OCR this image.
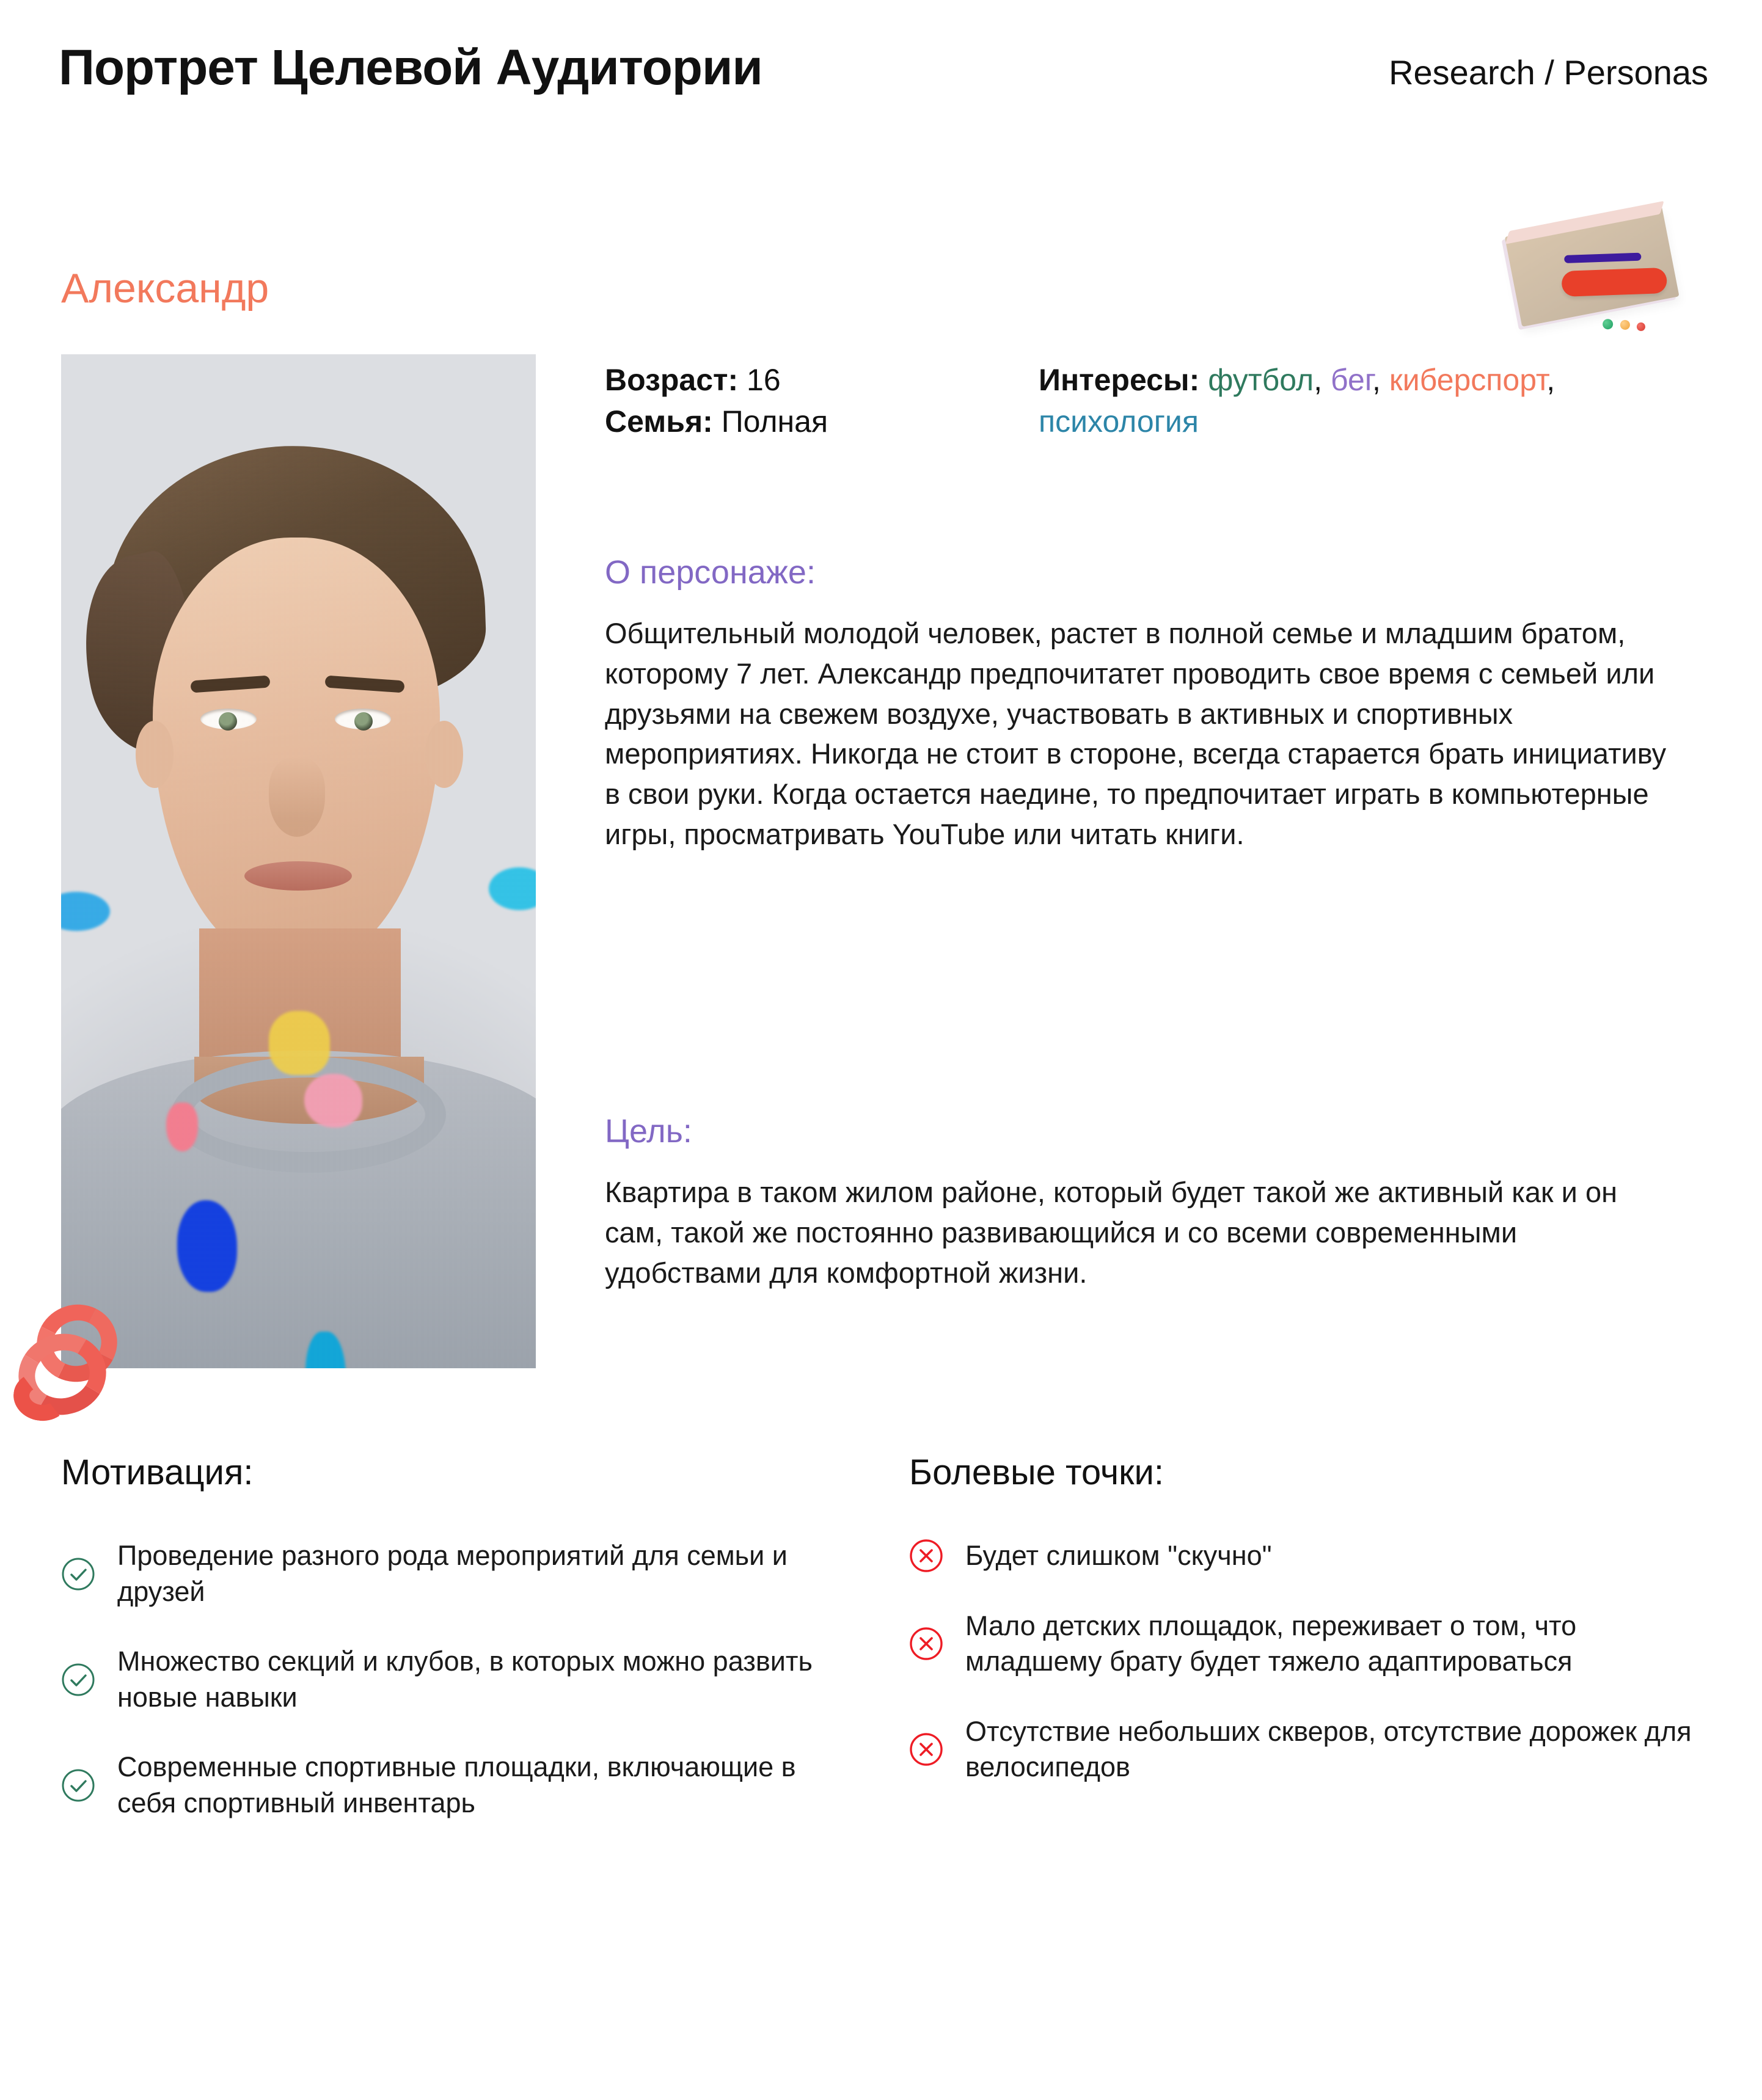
Портрет Целевой Аудитории	Research / Personas
Александр
Возраст: 16
Семья: Полная
Интересы: футбол, бег, киберспорт, психология
О персонаже:
Общительный молодой человек, растет в полной семье и младшим братом, которому 7 лет. Александр предпочитатет проводить свое время с семьей или друзьями на свежем воздухе, участвовать в активных и спортивных мероприятиях. Никогда не стоит в стороне, всегда старается брать инициативу в свои руки. Когда остается наедине, то предпочитает играть в компьютерные игры, просматривать YouTube или читать книги.
Цель:
Квартира в таком жилом районе, который будет такой же активный как и он сам, такой же постоянно развивающийся и со всеми современными удобствами для комфортной жизни.
Мотивация:
Проведение разного рода мероприятий для семьи и друзей
Множество секций и клубов, в которых можно развить новые навыки
Современные спортивные площадки, включающие в себя спортивный инвентарь
Болевые точки:
Будет слишком "скучно"
Мало детских площадок, переживает о том, что младшему брату будет тяжело адаптироваться
Отсутствие небольших скверов, отсутствие дорожек для велосипедов
